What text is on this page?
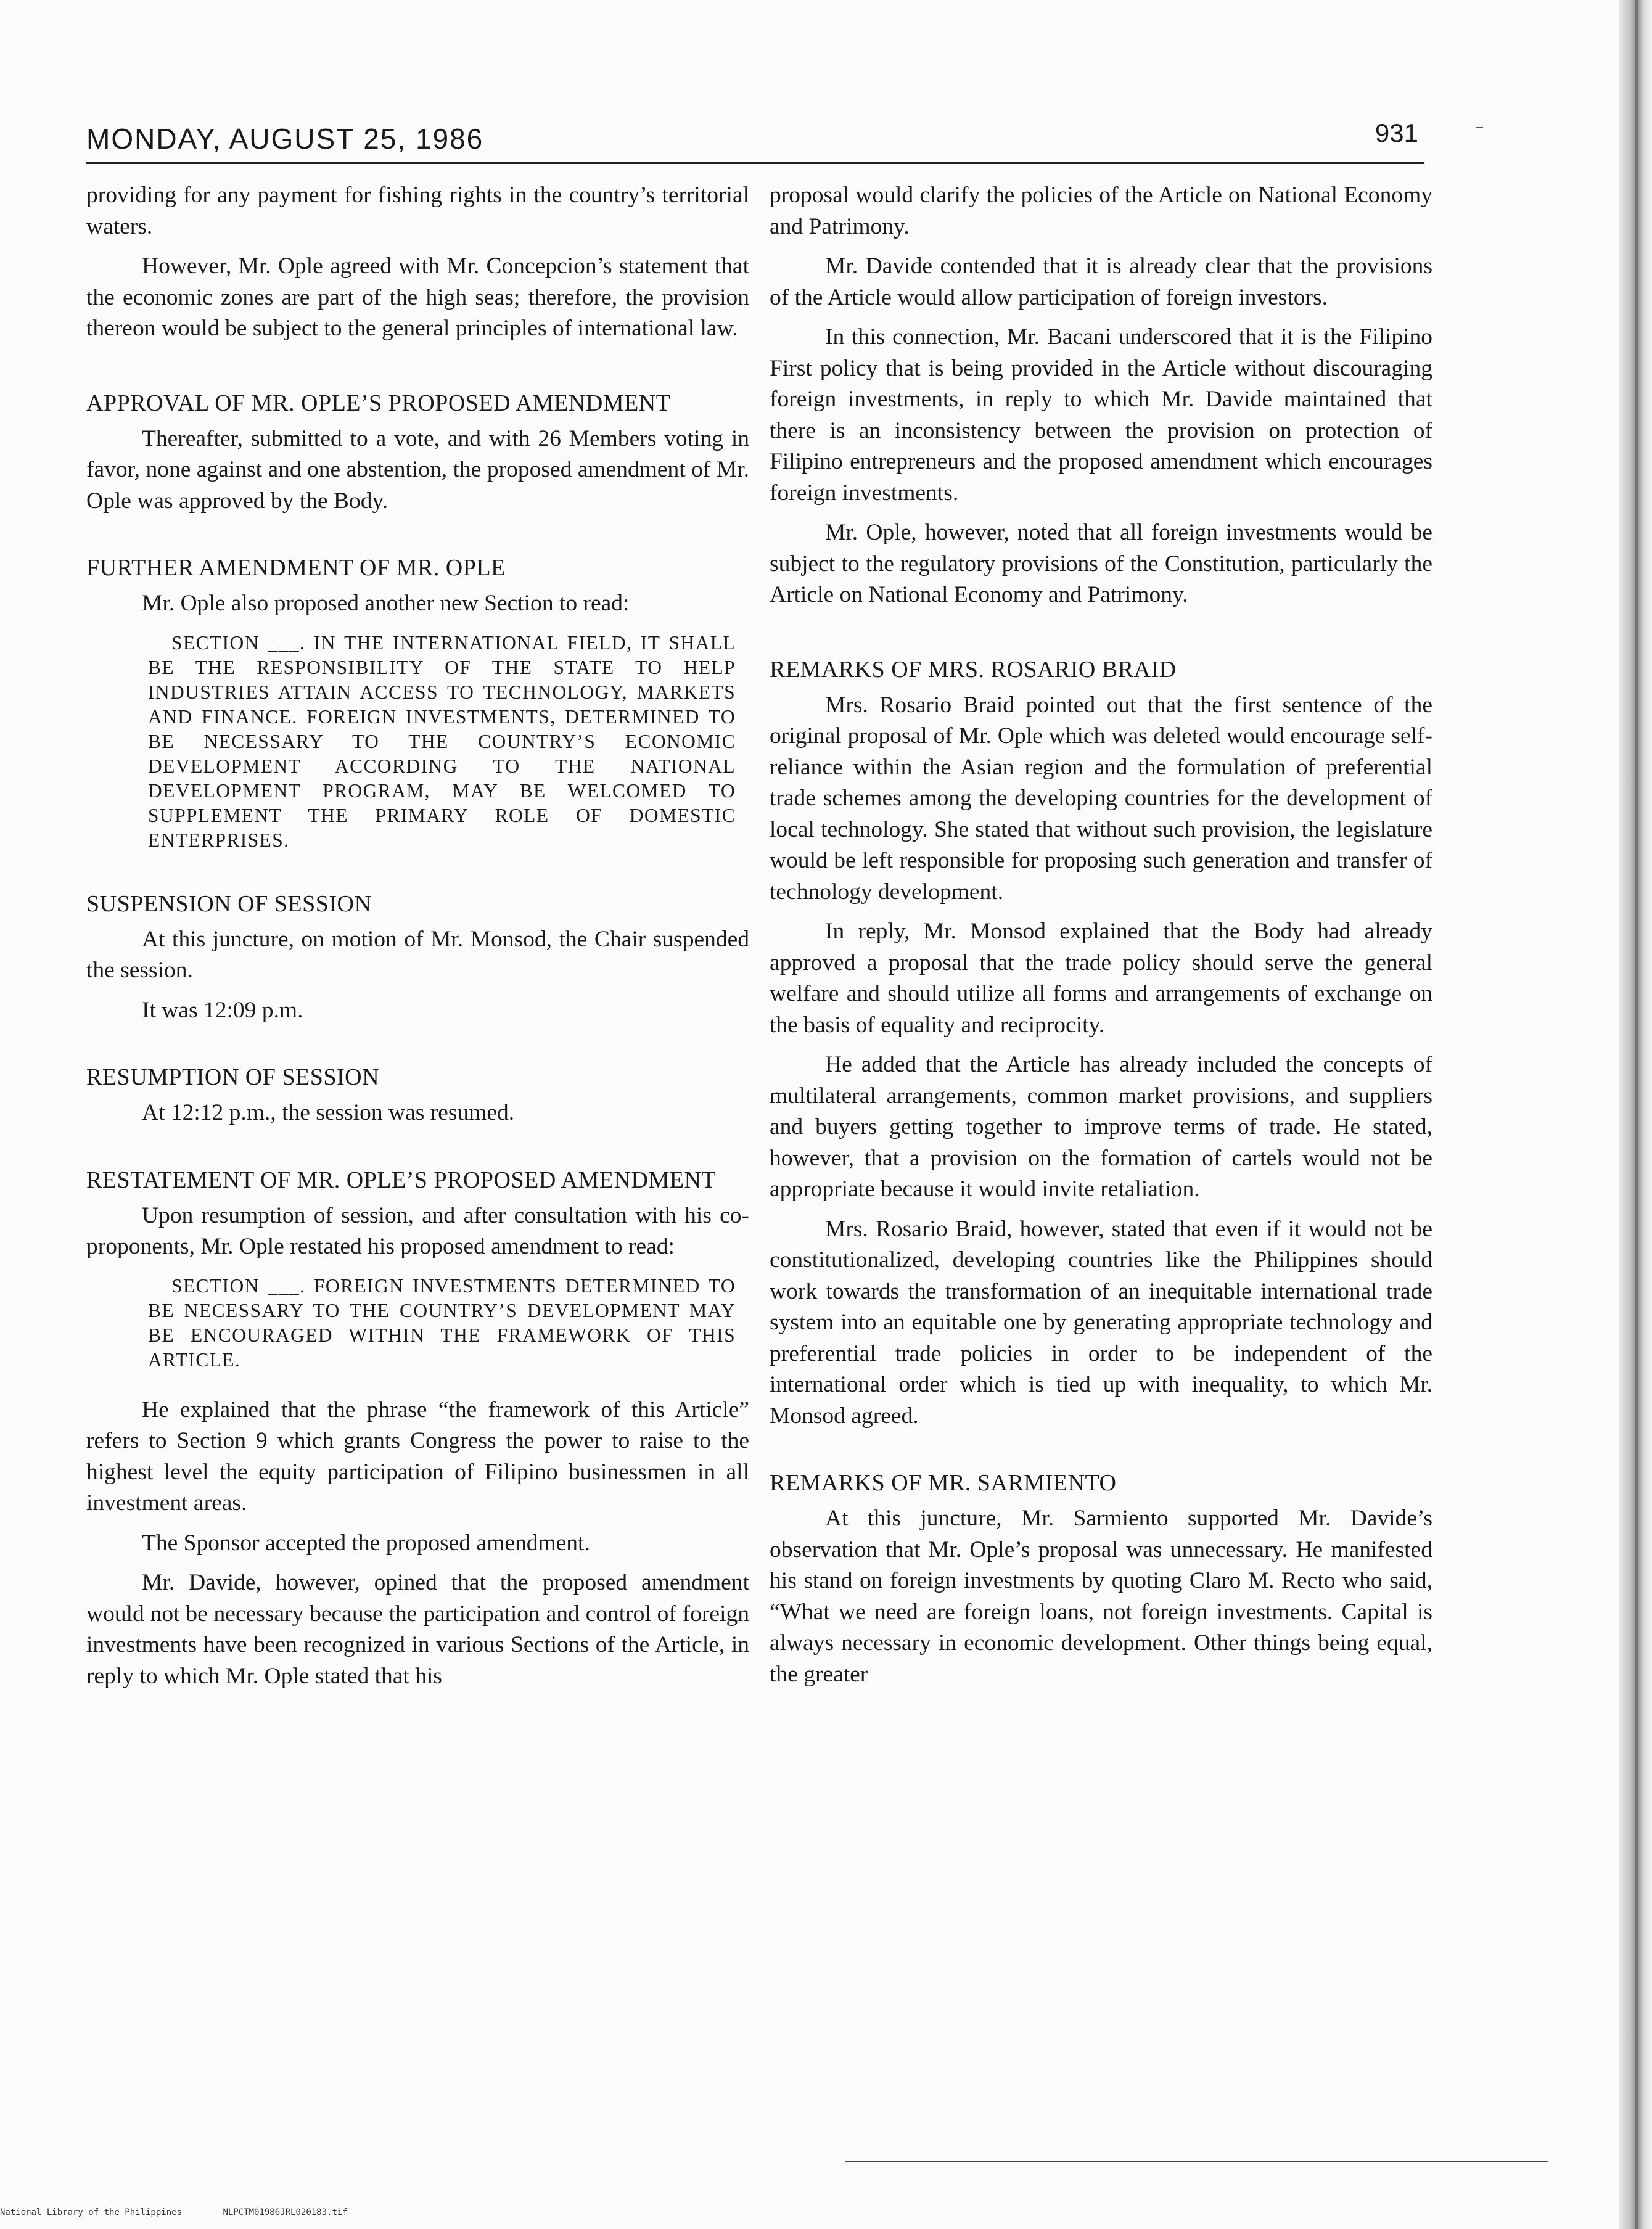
MONDAY, AUGUST 25, 1986	931

providing for any payment for fishing rights in the country’s territorial waters.

However, Mr. Ople agreed with Mr. Concepcion’s statement that the economic zones are part of the high seas; therefore, the provision thereon would be subject to the general principles of international law.

APPROVAL OF MR. OPLE’S PROPOSED AMENDMENT

Thereafter, submitted to a vote, and with 26 Members voting in favor, none against and one abstention, the proposed amendment of Mr. Ople was approved by the Body.

FURTHER AMENDMENT OF MR. OPLE

Mr. Ople also proposed another new Section to read:

SECTION ___. IN THE INTERNATIONAL FIELD, IT SHALL BE THE RESPONSIBILITY OF THE STATE TO HELP INDUSTRIES ATTAIN ACCESS TO TECHNOLOGY, MARKETS AND FINANCE. FOREIGN INVESTMENTS, DETERMINED TO BE NECESSARY TO THE COUNTRY’S ECONOMIC DEVELOPMENT ACCORDING TO THE NATIONAL DEVELOPMENT PROGRAM, MAY BE WELCOMED TO SUPPLEMENT THE PRIMARY ROLE OF DOMESTIC ENTERPRISES.
SUSPENSION OF SESSION

At this juncture, on motion of Mr. Monsod, the Chair suspended the session.

It was 12:09 p.m.

RESUMPTION OF SESSION

At 12:12 p.m., the session was resumed.

RESTATEMENT OF MR. OPLE’S PROPOSED AMENDMENT

Upon resumption of session, and after consultation with his co-proponents, Mr. Ople restated his proposed amendment to read:

SECTION ___. FOREIGN INVESTMENTS DETERMINED TO BE NECESSARY TO THE COUNTRY’S DEVELOPMENT MAY BE ENCOURAGED WITHIN THE FRAMEWORK OF THIS ARTICLE.

He explained that the phrase “the framework of this Article” refers to Section 9 which grants Congress the power to raise to the highest level the equity participation of Filipino businessmen in all investment areas.

The Sponsor accepted the proposed amendment.

Mr. Davide, however, opined that the proposed amendment would not be necessary because the participation and control of foreign investments have been recognized in various Sections of the Article, in reply to which Mr. Ople stated that his

proposal would clarify the policies of the Article on National Economy and Patrimony.

Mr. Davide contended that it is already clear that the provisions of the Article would allow participation of foreign investors.

In this connection, Mr. Bacani underscored that it is the Filipino First policy that is being provided in the Article without discouraging foreign investments, in reply to which Mr. Davide maintained that there is an inconsistency between the provision on protection of Filipino entrepreneurs and the proposed amendment which encourages foreign investments.

Mr. Ople, however, noted that all foreign investments would be subject to the regulatory provisions of the Constitution, particularly the Article on National Economy and Patrimony.

REMARKS OF MRS. ROSARIO BRAID

Mrs. Rosario Braid pointed out that the first sentence of the original proposal of Mr. Ople which was deleted would encourage self-reliance within the Asian region and the formulation of preferential trade schemes among the developing countries for the development of local technology. She stated that without such provision, the legislature would be left responsible for proposing such generation and transfer of technology development.

In reply, Mr. Monsod explained that the Body had already approved a proposal that the trade policy should serve the general welfare and should utilize all forms and arrangements of exchange on the basis of equality and reciprocity.

He added that the Article has already included the concepts of multilateral arrangements, common market provisions, and suppliers and buyers getting together to improve terms of trade. He stated, however, that a provision on the formation of cartels would not be appropriate because it would invite retaliation.

Mrs. Rosario Braid, however, stated that even if it would not be constitutionalized, developing countries like the Philippines should work towards the transformation of an inequitable international trade system into an equitable one by generating appropriate technology and preferential trade policies in order to be independent of the international order which is tied up with inequality, to which Mr. Monsod agreed.

REMARKS OF MR. SARMIENTO

At this juncture, Mr. Sarmiento supported Mr. Davide’s observation that Mr. Ople’s proposal was unnecessary. He manifested his stand on foreign investments by quoting Claro M. Recto who said, “What we need are foreign loans, not foreign investments. Capital is always necessary in economic development. Other things being equal, the greater

National Library of the Philippines	NLPCTM01986JRL020183.tif
